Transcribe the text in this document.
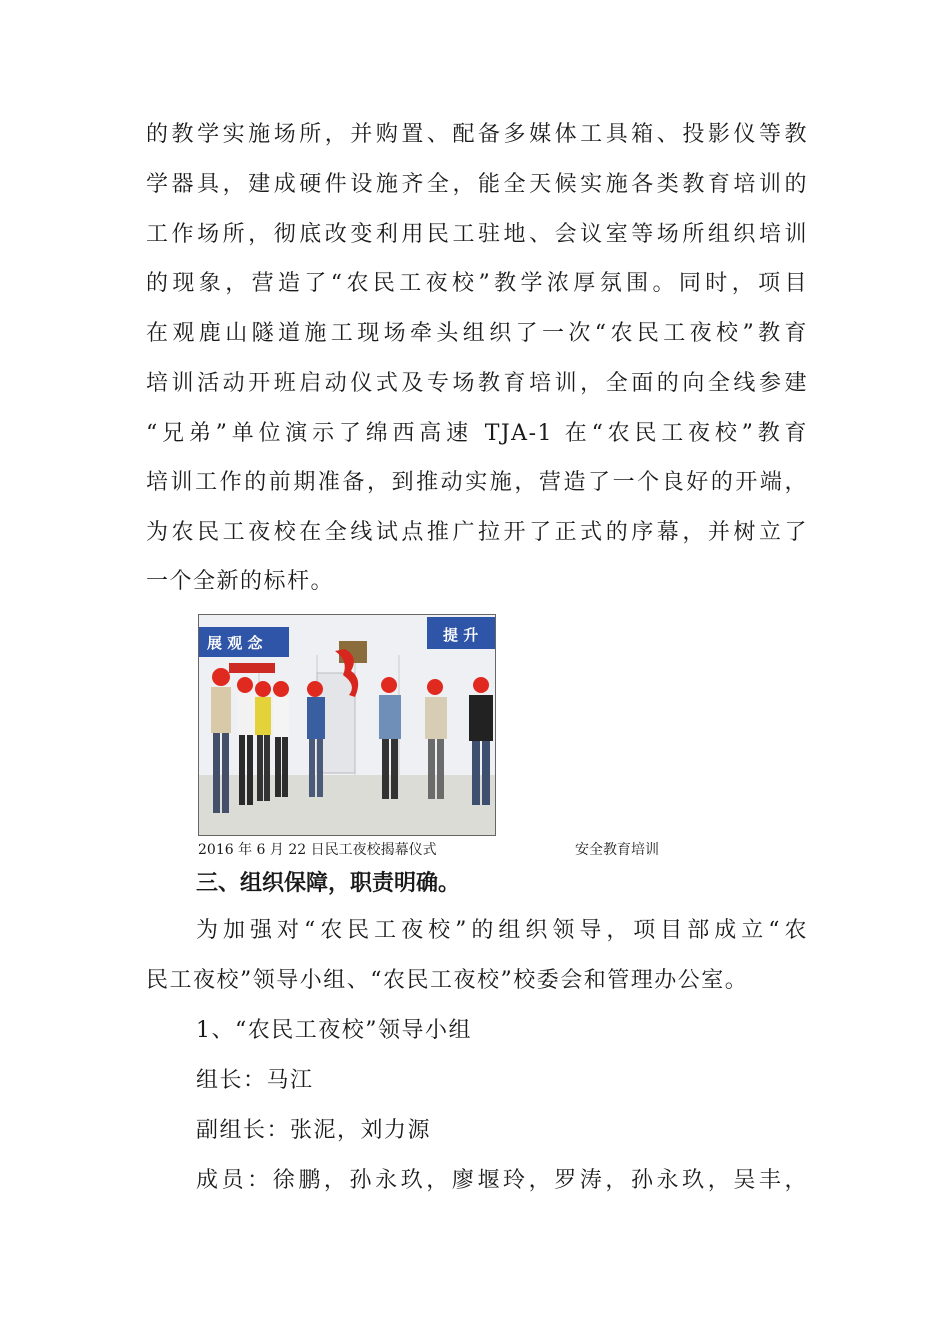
的教学实施场所，并购置、配备多媒体工具箱、投影仪等教
学器具，建成硬件设施齐全，能全天候实施各类教育培训的
工作场所，彻底改变利用民工驻地、会议室等场所组织培训
的现象，营造了“农民工夜校”教学浓厚氛围。同时，项目
在观鹿山隧道施工现场牵头组织了一次“农民工夜校”教育
培训活动开班启动仪式及专场教育培训，全面的向全线参建
“兄弟”单位演示了绵西高速 TJA-1 在“农民工夜校”教育
培训工作的前期准备，到推动实施，营造了一个良好的开端，
为农民工夜校在全线试点推广拉开了正式的序幕，并树立了
一个全新的标杆。
展 观 念	提 升
2016 年 6 月 22 日民工夜校揭幕仪式	安全教育培训
三、组织保障，职责明确。
为加强对“农民工夜校”的组织领导，项目部成立“农
民工夜校”领导小组、“农民工夜校”校委会和管理办公室。
1、“农民工夜校”领导小组
组长：马江
副组长：张泥，刘力源
成员：徐鹏，孙永玖，廖堰玲，罗涛，孙永玖，吴丰，
